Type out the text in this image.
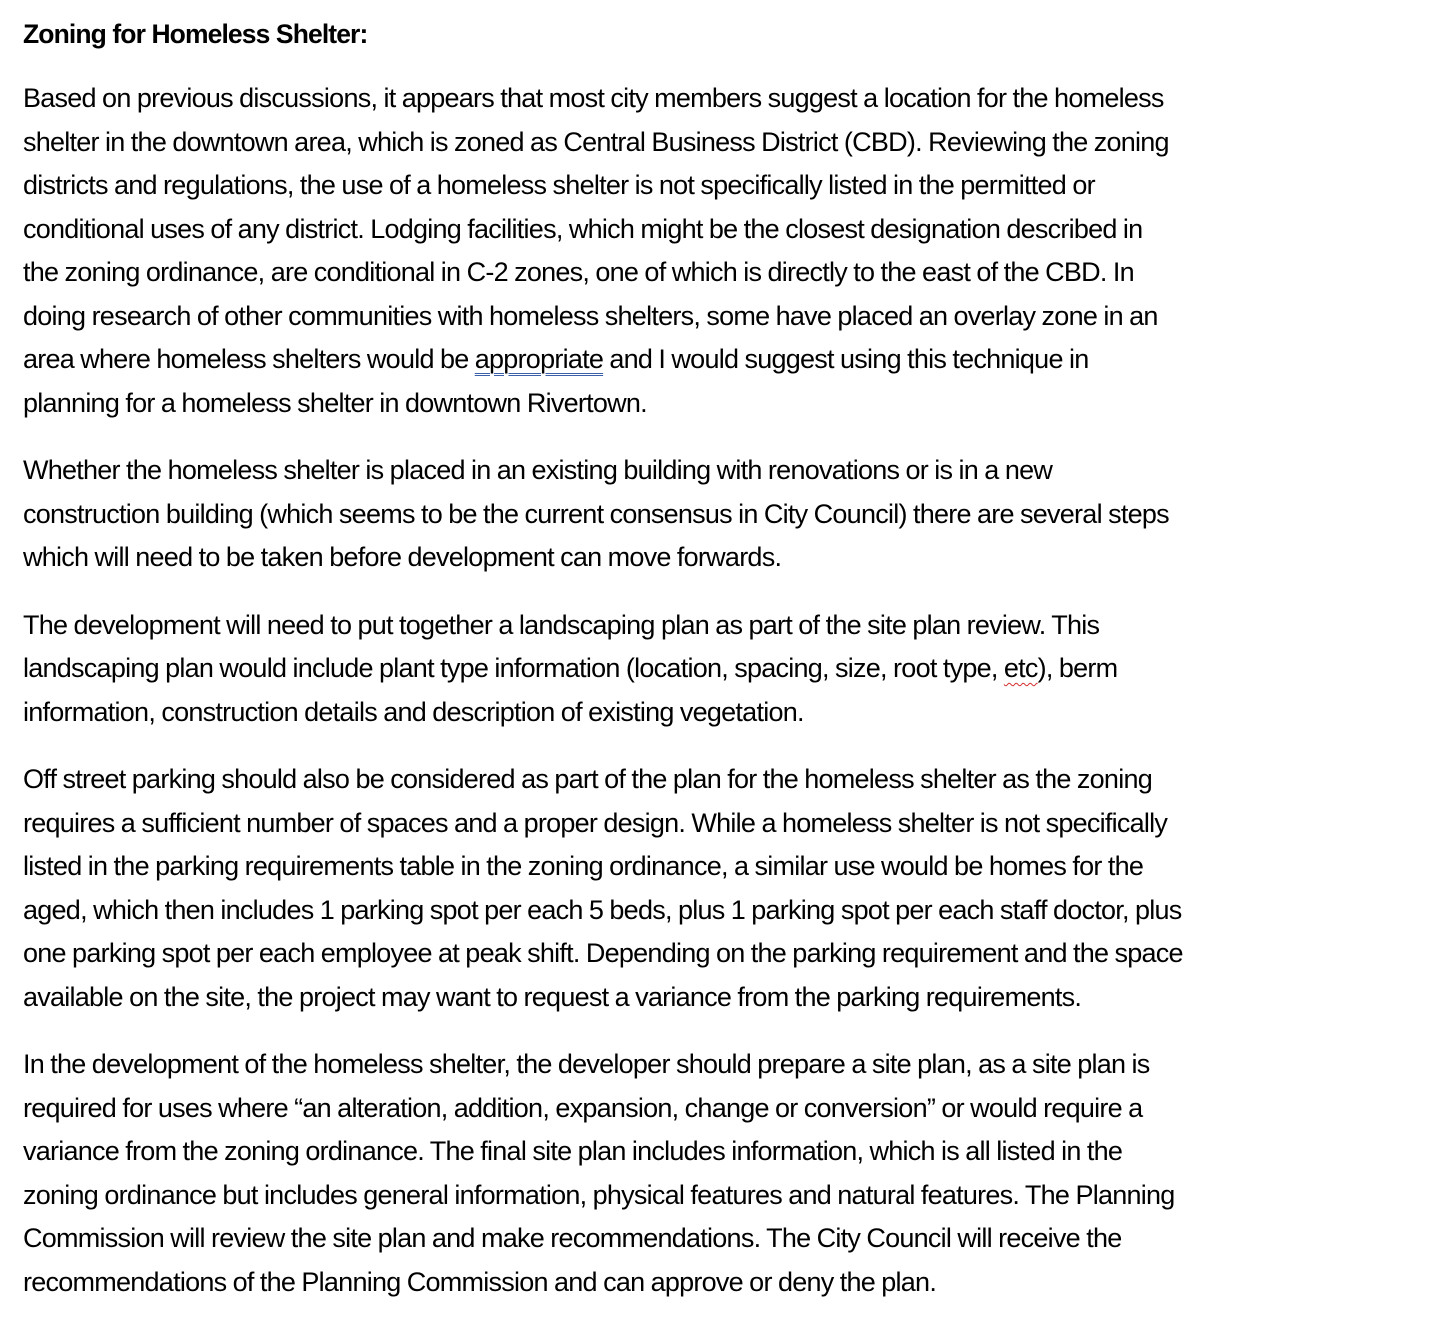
Zoning for Homeless Shelter:

Based on previous discussions, it appears that most city members suggest a location for the homeless
shelter in the downtown area, which is zoned as Central Business District (CBD). Reviewing the zoning
districts and regulations, the use of a homeless shelter is not specifically listed in the permitted or
conditional uses of any district. Lodging facilities, which might be the closest designation described in
the zoning ordinance, are conditional in C-2 zones, one of which is directly to the east of the CBD. In
doing research of other communities with homeless shelters, some have placed an overlay zone in an
area where homeless shelters would be appropriate and I would suggest using this technique in
planning for a homeless shelter in downtown Rivertown.

Whether the homeless shelter is placed in an existing building with renovations or is in a new
construction building (which seems to be the current consensus in City Council) there are several steps
which will need to be taken before development can move forwards.

The development will need to put together a landscaping plan as part of the site plan review. This
landscaping plan would include plant type information (location, spacing, size, root type, etc), berm
information, construction details and description of existing vegetation.

Off street parking should also be considered as part of the plan for the homeless shelter as the zoning
requires a sufficient number of spaces and a proper design. While a homeless shelter is not specifically
listed in the parking requirements table in the zoning ordinance, a similar use would be homes for the
aged, which then includes 1 parking spot per each 5 beds, plus 1 parking spot per each staff doctor, plus
one parking spot per each employee at peak shift. Depending on the parking requirement and the space
available on the site, the project may want to request a variance from the parking requirements.

In the development of the homeless shelter, the developer should prepare a site plan, as a site plan is
required for uses where “an alteration, addition, expansion, change or conversion” or would require a
variance from the zoning ordinance. The final site plan includes information, which is all listed in the
zoning ordinance but includes general information, physical features and natural features. The Planning
Commission will review the site plan and make recommendations. The City Council will receive the
recommendations of the Planning Commission and can approve or deny the plan.
